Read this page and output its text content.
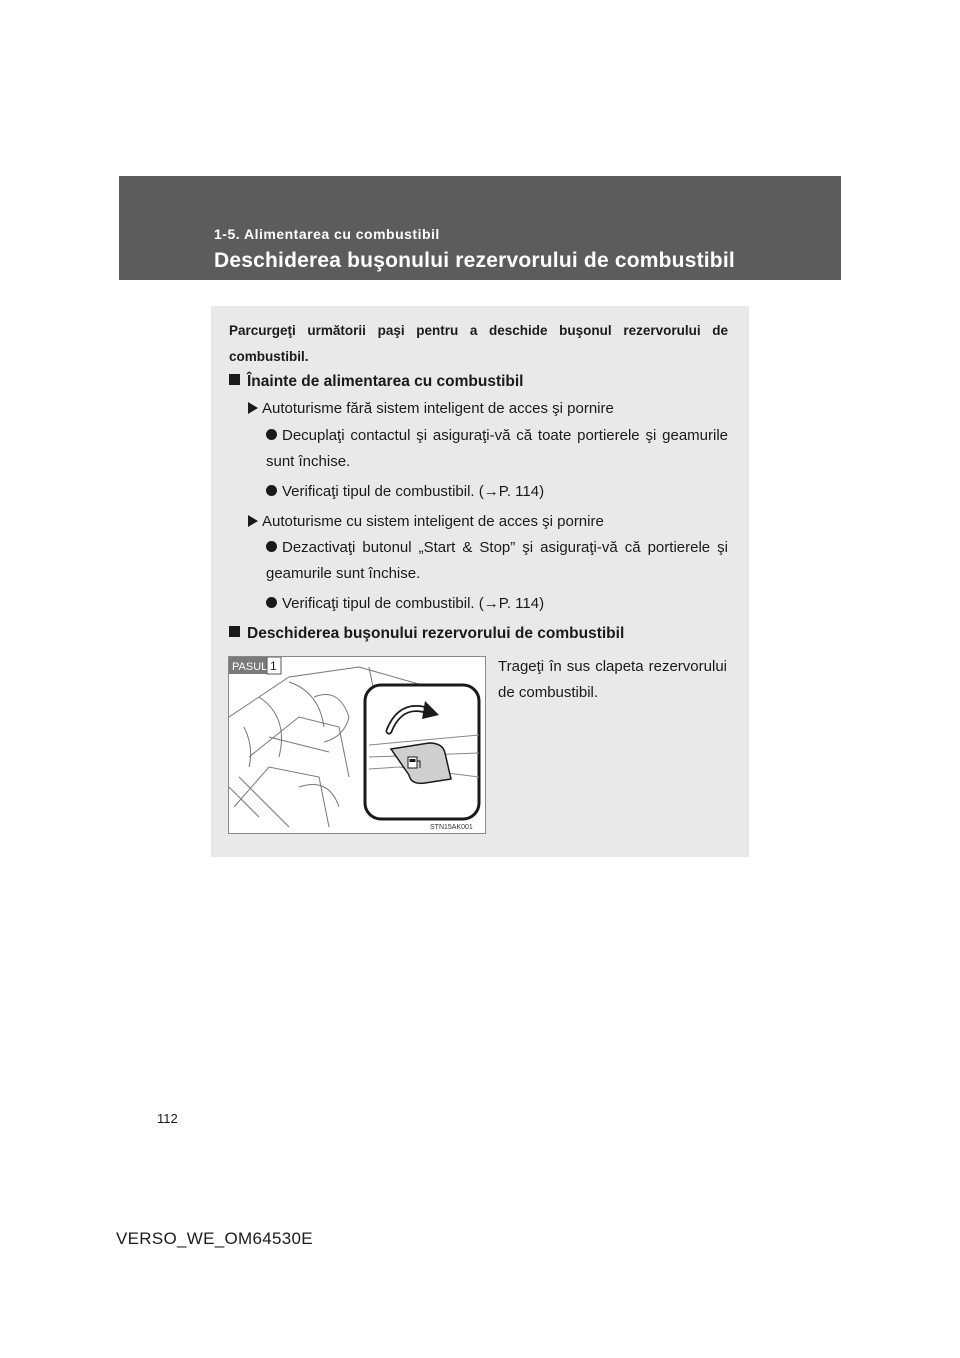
1-5. Alimentarea cu combustibil
Deschiderea buşonului rezervorului de combustibil
Parcurgeţi următorii paşi pentru a deschide buşonul rezervorului de combustibil.
Înainte de alimentarea cu combustibil
Autoturisme fără sistem inteligent de acces şi pornire
Decuplaţi contactul şi asiguraţi-vă că toate portierele şi geamurile sunt închise.
Verificaţi tipul de combustibil. (→P. 114)
Autoturisme cu sistem inteligent de acces şi pornire
Dezactivaţi butonul „Start & Stop” şi asiguraţi-vă că portierele şi geamurile sunt închise.
Verificaţi tipul de combustibil. (→P. 114)
Deschiderea buşonului rezervorului de combustibil
PASUL 1
STN15AK001
Trageţi în sus clapeta rezervorului de combustibil.
112
VERSO_WE_OM64530E
